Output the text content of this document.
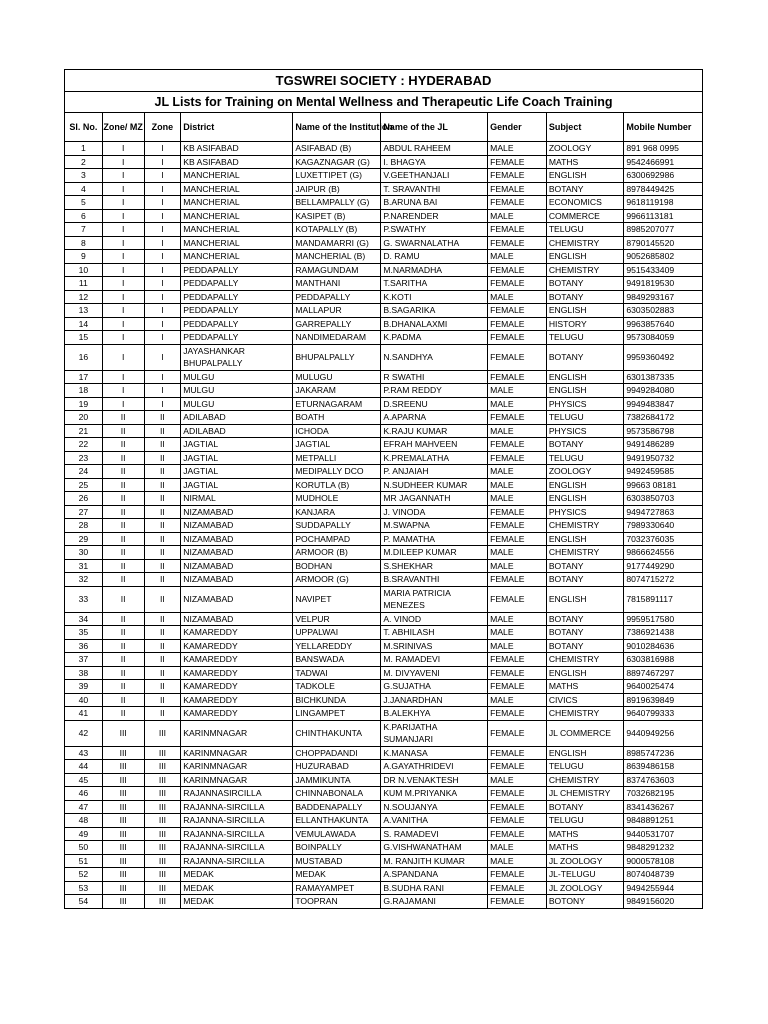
TGSWREI SOCIETY : HYDERABAD								
JL Lists for Training on Mental Wellness and Therapeutic Life Coach Training								
Sl. No.	Zone/ MZ	Zone	District	Name of the Institution	Name of the JL	Gender	Subject	Mobile Number
1	I	I	KB ASIFABAD	ASIFABAD (B)	ABDUL RAHEEM	MALE	ZOOLOGY	891 968 0995
2	I	I	KB ASIFABAD	KAGAZNAGAR (G)	I. BHAGYA	FEMALE	MATHS	9542466991
3	I	I	MANCHERIAL	LUXETTIPET (G)	V.GEETHANJALI	FEMALE	ENGLISH	6300692986
4	I	I	MANCHERIAL	JAIPUR (B)	T. SRAVANTHI	FEMALE	BOTANY	8978449425
5	I	I	MANCHERIAL	BELLAMPALLY (G)	B.ARUNA BAI	FEMALE	ECONOMICS	9618119198
6	I	I	MANCHERIAL	KASIPET (B)	P.NARENDER	MALE	COMMERCE	9966113181
7	I	I	MANCHERIAL	KOTAPALLY (B)	P.SWATHY	FEMALE	TELUGU	8985207077
8	I	I	MANCHERIAL	MANDAMARRI (G)	G. SWARNALATHA	FEMALE	CHEMISTRY	8790145520
9	I	I	MANCHERIAL	MANCHERIAL (B)	D. RAMU	MALE	ENGLISH	9052685802
10	I	I	PEDDAPALLY	RAMAGUNDAM	M.NARMADHA	FEMALE	CHEMISTRY	9515433409
11	I	I	PEDDAPALLY	MANTHANI	T.SARITHA	FEMALE	BOTANY	9491819530
12	I	I	PEDDAPALLY	PEDDAPALLY	K.KOTI	MALE	BOTANY	9849293167
13	I	I	PEDDAPALLY	MALLAPUR	B.SAGARIKA	FEMALE	ENGLISH	6303502883
14	I	I	PEDDAPALLY	GARREPALLY	B.DHANALAXMI	FEMALE	HISTORY	9963857640
15	I	I	PEDDAPALLY	NANDIMEDARAM	K.PADMA	FEMALE	TELUGU	9573084059
16	I	I	JAYASHANKAR BHUPALPALLY	BHUPALPALLY	N.SANDHYA	FEMALE	BOTANY	9959360492
17	I	I	MULGU	MULUGU	R SWATHI	FEMALE	ENGLISH	6301387335
18	I	I	MULGU	JAKARAM	P.RAM REDDY	MALE	ENGLISH	9949284080
19	I	I	MULGU	ETURNAGARAM	D.SREENU	MALE	PHYSICS	9949483847
20	II	II	ADILABAD	BOATH	A.APARNA	FEMALE	TELUGU	7382684172
21	II	II	ADILABAD	ICHODA	K.RAJU KUMAR	MALE	PHYSICS	9573586798
22	II	II	JAGTIAL	JAGTIAL	EFRAH MAHVEEN	FEMALE	BOTANY	9491486289
23	II	II	JAGTIAL	METPALLI	K.PREMALATHA	FEMALE	TELUGU	9491950732
24	II	II	JAGTIAL	MEDIPALLY DCO	P. ANJAIAH	MALE	ZOOLOGY	9492459585
25	II	II	JAGTIAL	KORUTLA (B)	N.SUDHEER KUMAR	MALE	ENGLISH	99663 08181
26	II	II	NIRMAL	MUDHOLE	MR JAGANNATH	MALE	ENGLISH	6303850703
27	II	II	NIZAMABAD	KANJARA	J. VINODA	FEMALE	PHYSICS	9494727863
28	II	II	NIZAMABAD	SUDDAPALLY	M.SWAPNA	FEMALE	CHEMISTRY	7989330640
29	II	II	NIZAMABAD	POCHAMPAD	P. MAMATHA	FEMALE	ENGLISH	7032376035
30	II	II	NIZAMABAD	ARMOOR (B)	M.DILEEP KUMAR	MALE	CHEMISTRY	9866624556
31	II	II	NIZAMABAD	BODHAN	S.SHEKHAR	MALE	BOTANY	9177449290
32	II	II	NIZAMABAD	ARMOOR (G)	B.SRAVANTHI	FEMALE	BOTANY	8074715272
33	II	II	NIZAMABAD	NAVIPET	MARIA PATRICIA MENEZES	FEMALE	ENGLISH	7815891117
34	II	II	NIZAMABAD	VELPUR	A. VINOD	MALE	BOTANY	9959517580
35	II	II	KAMAREDDY	UPPALWAI	T. ABHILASH	MALE	BOTANY	7386921438
36	II	II	KAMAREDDY	YELLAREDDY	M.SRINIVAS	MALE	BOTANY	9010284636
37	II	II	KAMAREDDY	BANSWADA	M. RAMADEVI	FEMALE	CHEMISTRY	6303816988
38	II	II	KAMAREDDY	TADWAI	M. DIVYAVENI	FEMALE	ENGLISH	8897467297
39	II	II	KAMAREDDY	TADKOLE	G.SUJATHA	FEMALE	MATHS	9640025474
40	II	II	KAMAREDDY	BICHKUNDA	J.JANARDHAN	MALE	CIVICS	8919639849
41	II	II	KAMAREDDY	LINGAMPET	B.ALEKHYA	FEMALE	CHEMISTRY	9640799333
42	III	III	KARINMNAGAR	CHINTHAKUNTA	K.PARIJATHA SUMANJARI	FEMALE	JL COMMERCE	9440949256
43	III	III	KARINMNAGAR	CHOPPADANDI	K.MANASA	FEMALE	ENGLISH	8985747236
44	III	III	KARINMNAGAR	HUZURABAD	A.GAYATHRIDEVI	FEMALE	TELUGU	8639486158
45	III	III	KARINMNAGAR	JAMMIKUNTA	DR N.VENAKTESH	MALE	CHEMISTRY	8374763603
46	III	III	RAJANNASIRCILLA	CHINNABONALA	KUM M.PRIYANKA	FEMALE	JL CHEMISTRY	7032682195
47	III	III	RAJANNA-SIRCILLA	BADDENAPALLY	N.SOUJANYA	FEMALE	BOTANY	8341436267
48	III	III	RAJANNA-SIRCILLA	ELLANTHAKUNTA	A.VANITHA	FEMALE	TELUGU	9848891251
49	III	III	RAJANNA-SIRCILLA	VEMULAWADA	S. RAMADEVI	FEMALE	MATHS	9440531707
50	III	III	RAJANNA-SIRCILLA	BOINPALLY	G.VISHWANATHAM	MALE	MATHS	9848291232
51	III	III	RAJANNA-SIRCILLA	MUSTABAD	M. RANJITH KUMAR	MALE	JL ZOOLOGY	9000578108
52	III	III	MEDAK	MEDAK	A.SPANDANA	FEMALE	JL-TELUGU	8074048739
53	III	III	MEDAK	RAMAYAMPET	B.SUDHA RANI	FEMALE	JL ZOOLOGY	9494255944
54	III	III	MEDAK	TOOPRAN	G.RAJAMANI	FEMALE	BOTONY	9849156020
